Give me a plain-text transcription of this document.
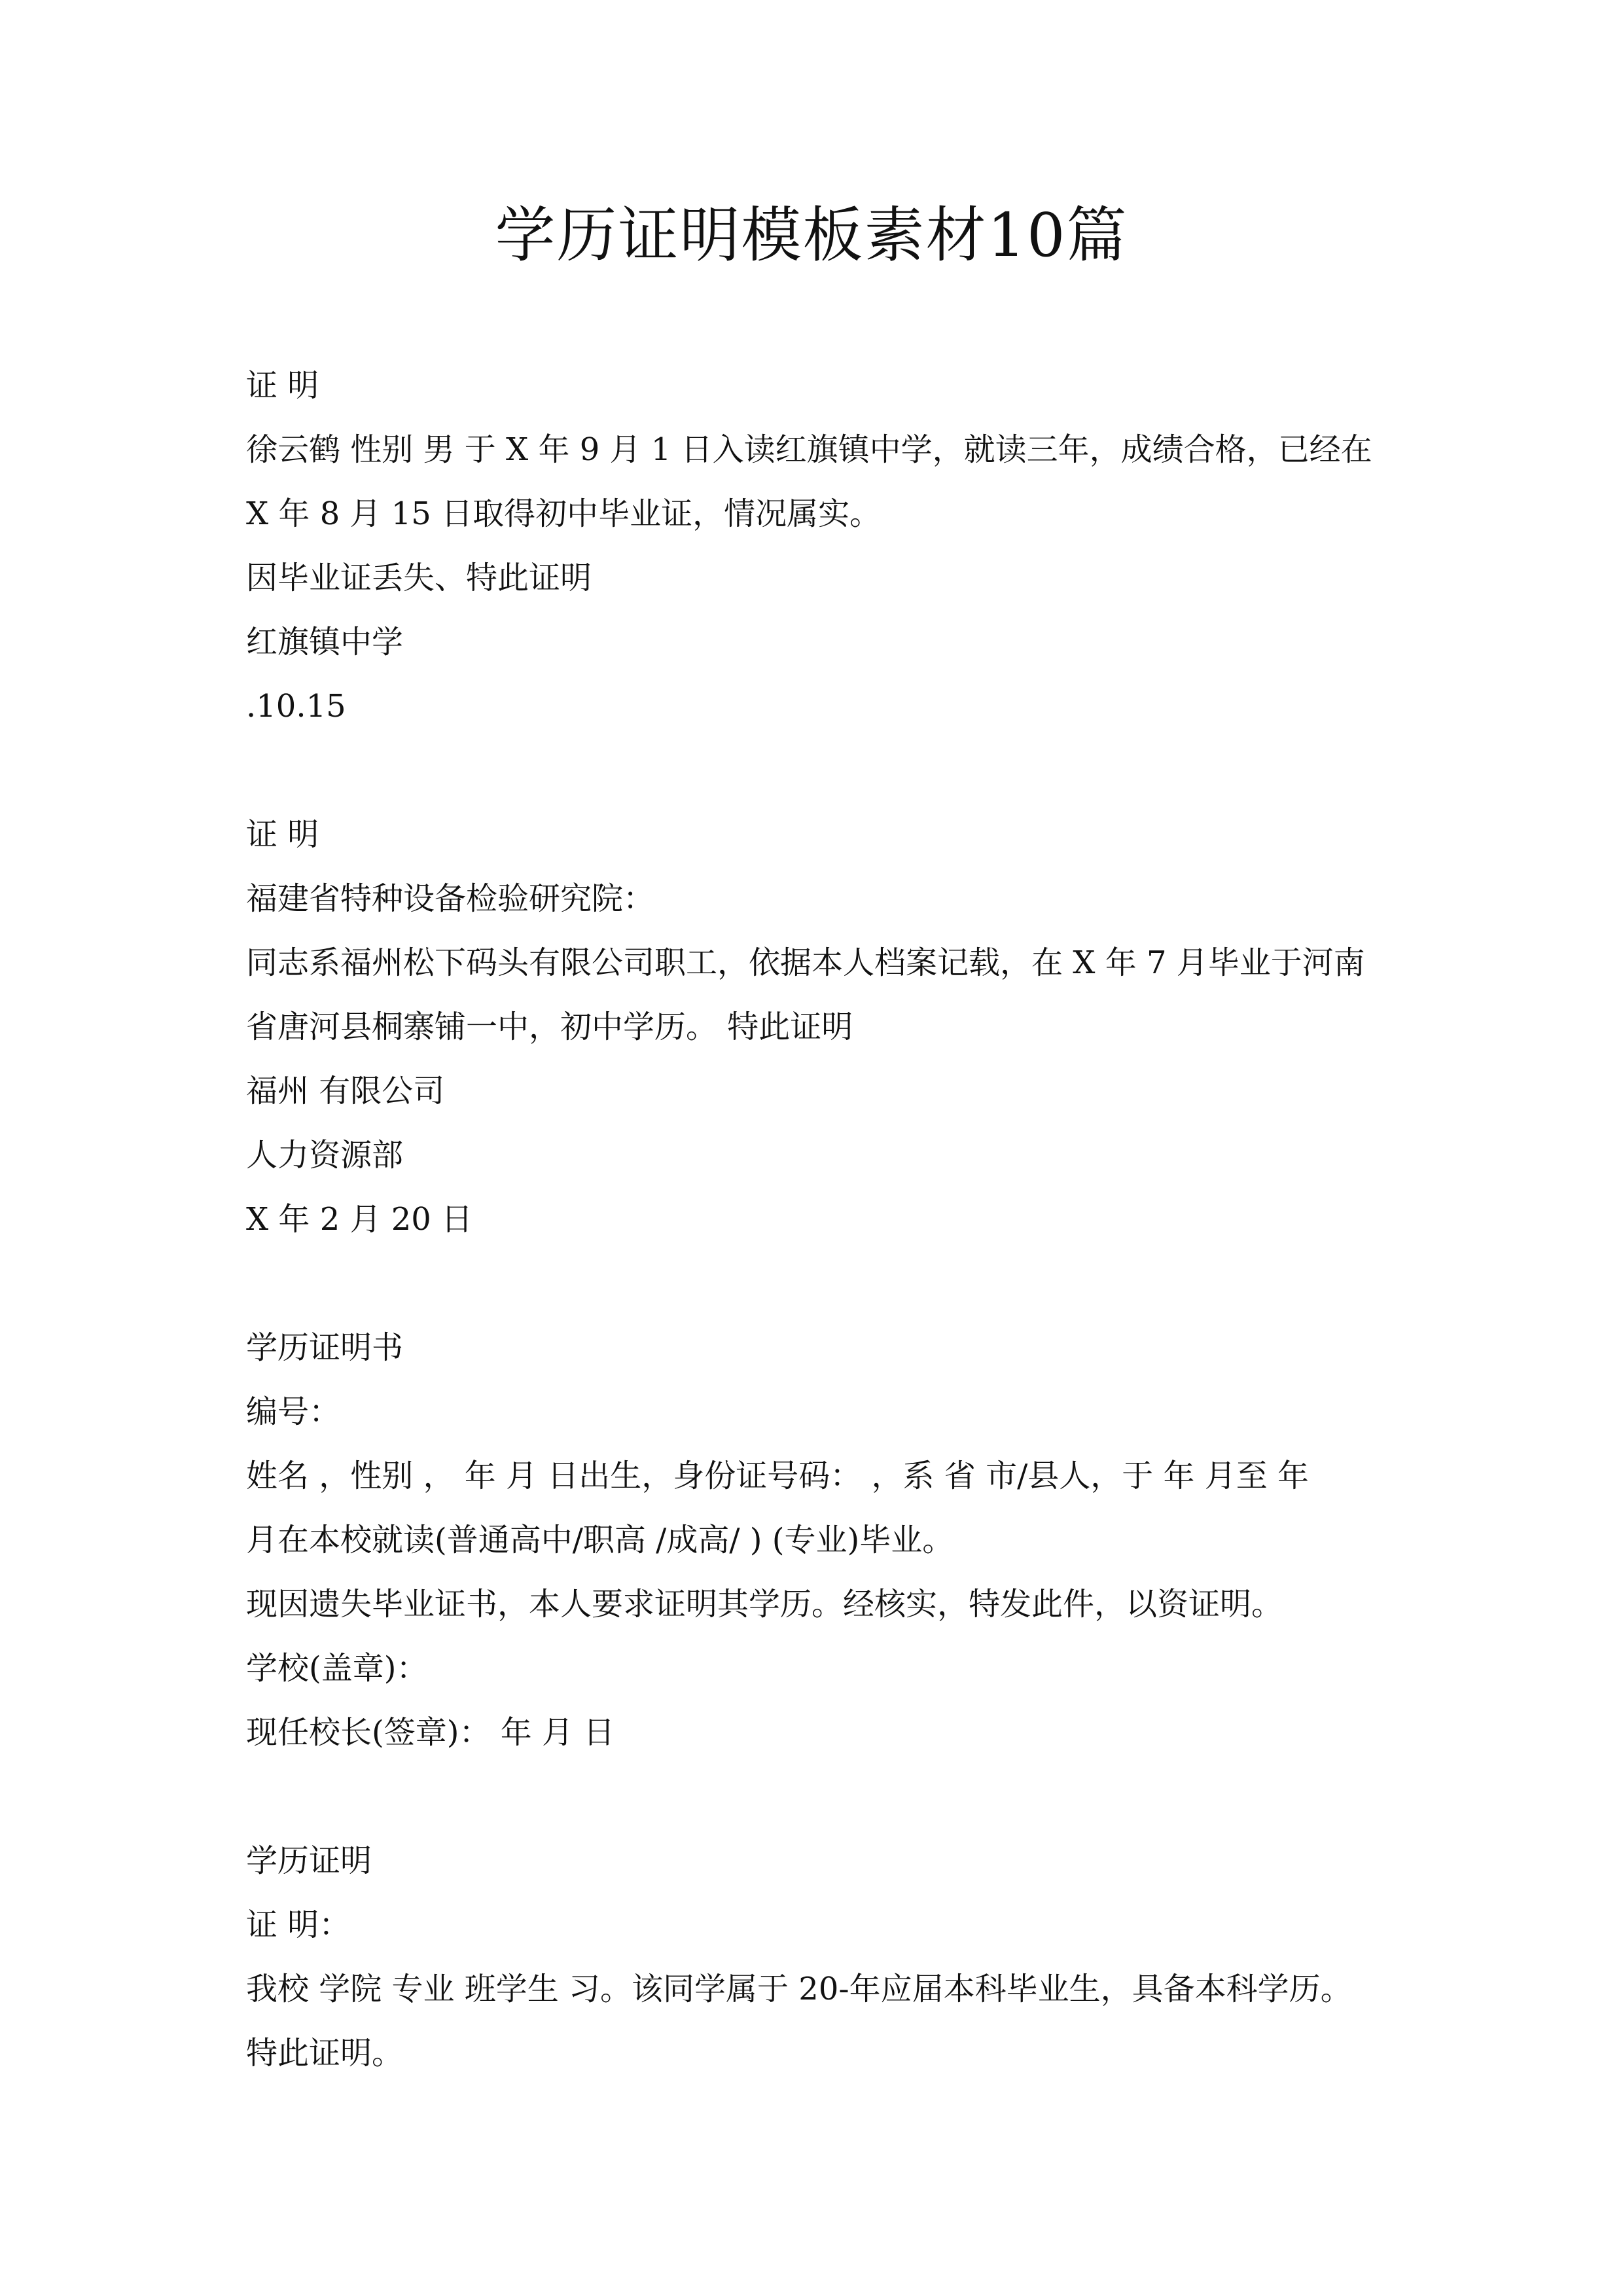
学历证明模板素材10篇
证 明
徐云鹤 性别 男 于 X 年 9 月 1 日入读红旗镇中学，就读三年，成绩合格，已经在
X 年 8 月 15 日取得初中毕业证，情况属实。
因毕业证丢失、特此证明
红旗镇中学
.10.15
证 明
福建省特种设备检验研究院：
同志系福州松下码头有限公司职工，依据本人档案记载，在 X 年 7 月毕业于河南
省唐河县桐寨铺一中，初中学历。 特此证明
福州 有限公司
人力资源部
X 年 2 月 20 日
学历证明书
编号：
姓名 ，性别 ， 年 月 日出生，身份证号码： ，系 省 市/县人，于 年 月至 年
月在本校就读(普通高中/职高 /成高/ ) (专业)毕业。
现因遗失毕业证书，本人要求证明其学历。经核实，特发此件，以资证明。
学校(盖章)：
现任校长(签章)： 年 月 日
学历证明
证 明：
我校 学院 专业 班学生 习。该同学属于 20-年应届本科毕业生，具备本科学历。
特此证明。
